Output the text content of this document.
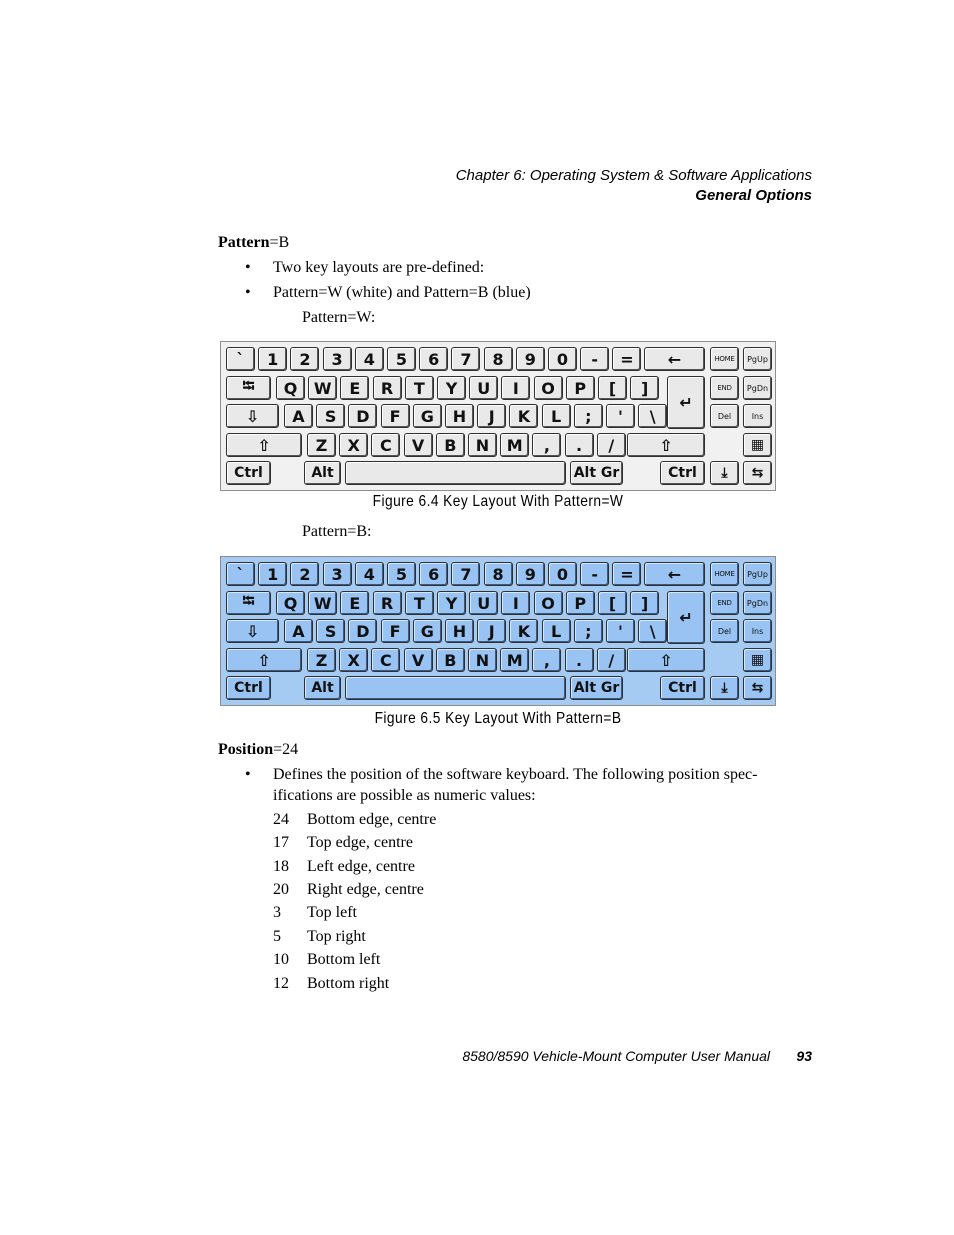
Chapter 6: Operating System & Software Applications
General Options
Pattern=B
• Two key layouts are pre-defined:
• Pattern=W (white) and Pattern=B (blue)
Pattern=W:
`	1	2	3	4	5	6	7	8	9	0	-	=	←
⭾	Q	W	E	R	T	Y	U	I	O	P	[	]
↵
⇩	A	S	D	F	G	H	J	K	L	;	'	\
⇧	Z	X	C	V	B	N	M	,	.	/	⇧
Ctrl	Alt	Alt Gr	Ctrl
HOME	PgUp
END	PgDn
Del	Ins
▦
⤓	⇆
Figure 6.4 Key Layout With Pattern=W
Pattern=B:
`	1	2	3	4	5	6	7	8	9	0	-	=	←
⭾	Q	W	E	R	T	Y	U	I	O	P	[	]
↵
⇩	A	S	D	F	G	H	J	K	L	;	'	\
⇧	Z	X	C	V	B	N	M	,	.	/	⇧
Ctrl	Alt	Alt Gr	Ctrl
HOME	PgUp
END	PgDn
Del	Ins
▦
⤓	⇆
Figure 6.5 Key Layout With Pattern=B
Position=24
• Defines the position of the software keyboard. The following position spec-
ifications are possible as numeric values:
24 Bottom edge, centre
17 Top edge, centre
18 Left edge, centre
20 Right edge, centre
3 Top left
5 Top right
10 Bottom left
12 Bottom right
8580/8590 Vehicle-Mount Computer User Manual 93
